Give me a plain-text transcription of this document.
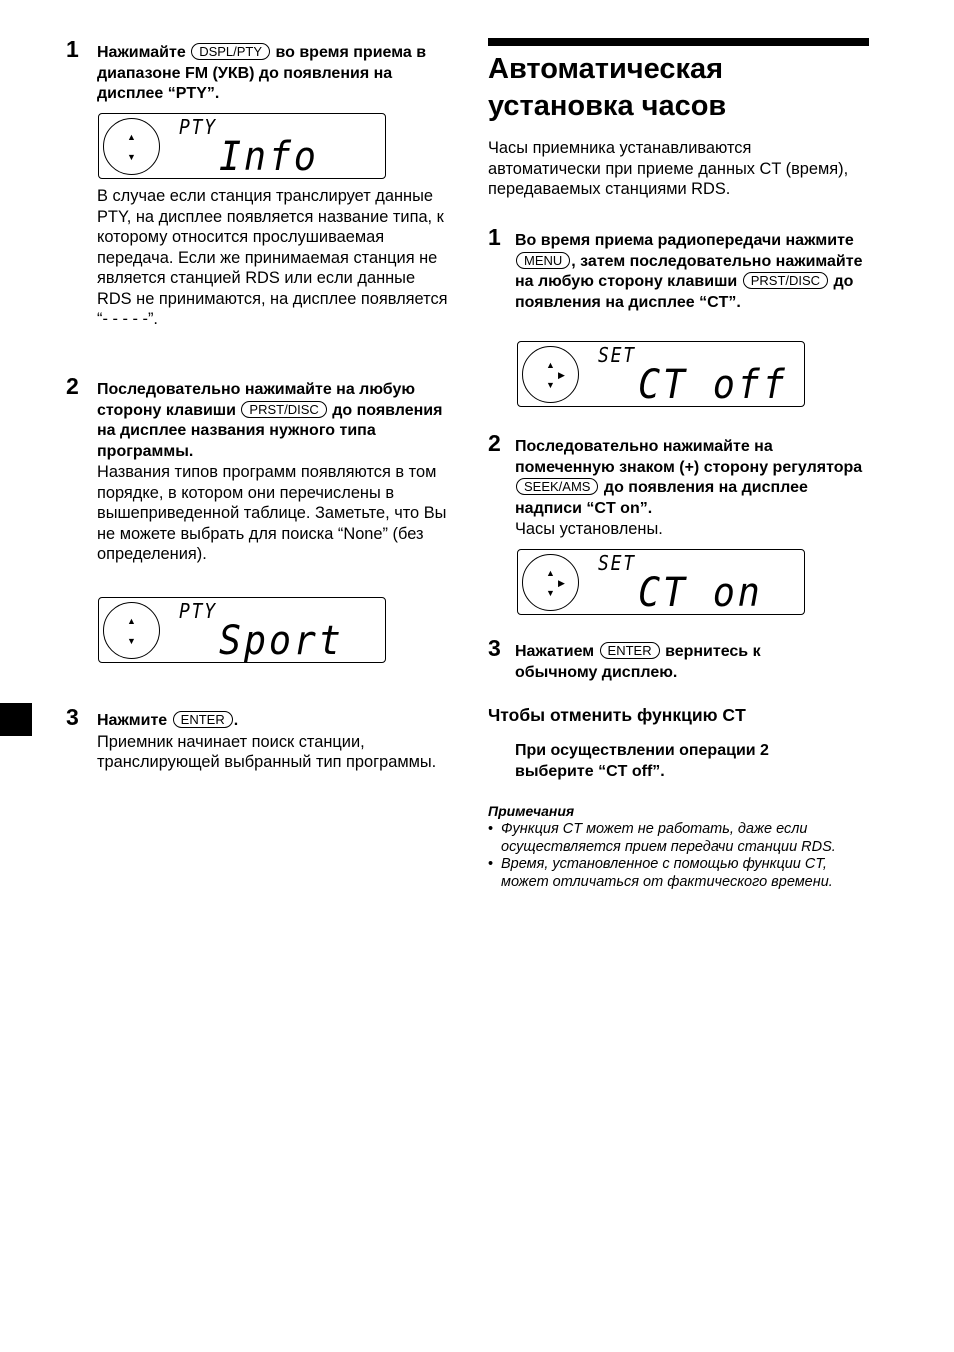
1 Нажимайте DSPL/PTY во время приема в диапазоне FM (УКВ) до появления на дисплее “PTY”.
▲
▼
PTY
Info
В случае если станция транслирует данные PTY, на дисплее появляется название типа, к которому относится прослушиваемая передача. Если же принимаемая станция не является станцией RDS или если данные RDS не принимаются, на дисплее появляется “- - - - -”.
2 Последовательно нажимайте на любую сторону клавиши PRST/DISC до появления на дисплее названия нужного типа программы.
Названия типов программ появляются в том порядке, в котором они перечислены в вышеприведенной таблице. Заметьте, что Вы не можете выбрать для поиска “None” (без определения).
▲
▼
PTY
Sport
3 Нажмите ENTER .
Приемник начинает поиск станции, транслирующей выбранный тип программы.
Автоматическая
установка часов
Часы приемника устанавливаются автоматически при приеме данных CT (время), передаваемых станциями RDS.
1 Во время приема радиопередачи нажмите MENU , затем последовательно нажимайте на любую сторону клавиши PRST/DISC до появления на дисплее “CT”.
▲
▼
▶
SET
CT off
2 Последовательно нажимайте на помеченную знаком (+) сторону регулятора SEEK/AMS до появления на дисплее надписи “CT on”.
Часы установлены.
▲
▼
▶
SET
CT on
3 Нажатием ENTER вернитесь к обычному дисплею.
Чтобы отменить функцию CT
При осуществлении операции 2 выберите “CT off”.
Примечания
• Функция CT может не работать, даже если осуществляется прием передачи станции RDS.
• Время, установленное с помощью функции CT, может отличаться от фактического времени.
